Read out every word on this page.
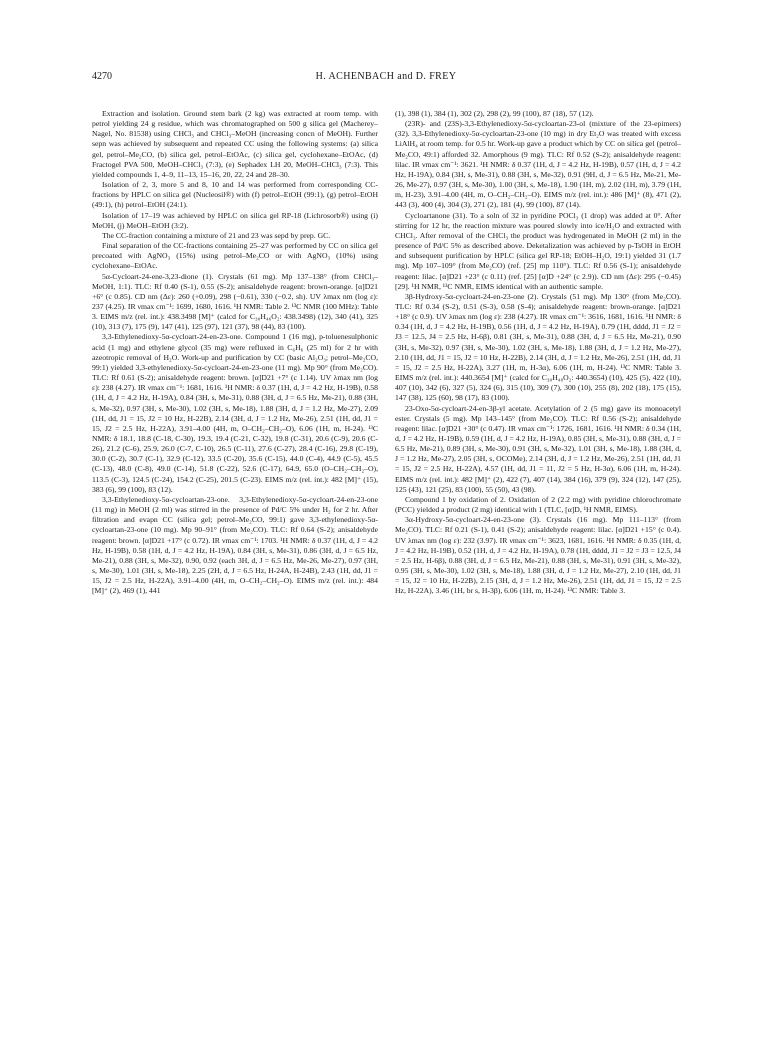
4270	H. ACHENBACH and D. FREY

Extraction and isolation. Ground stem bark (2 kg) was extracted at room temp. with petrol yielding 24 g residue, which was chromatographed on 500 g silica gel (Macherey–Nagel, No. 81538) using CHCl₃ and CHCl₃–MeOH (increasing concn of MeOH). Further sepn was achieved by subsequent and repeated CC using the following systems: (a) silica gel, petrol–Me₂CO, (b) silica gel, petrol–EtOAc, (c) silica gel, cyclohexane–EtOAc, (d) Fractogel PVA 500, MeOH–CHCl₃ (7:3), (e) Sephadex LH 20, MeOH–CHCl₃ (7:3). This yielded compounds 1, 4–9, 11–13, 15–16, 20, 22, 24 and 28–30.

Isolation of 2, 3, more 5 and 8, 10 and 14 was performed from corresponding CC-fractions by HPLC on silica gel (Nucleosil®) with (f) petrol–EtOH (99:1), (g) petrol–EtOH (49:1), (h) petrol–EtOH (24:1).

Isolation of 17–19 was achieved by HPLC on silica gel RP-18 (Lichrosorb®) using (i) MeOH, (j) MeOH–EtOH (3:2).

The CC-fraction containing a mixture of 21 and 23 was sepd by prep. GC.

Final separation of the CC-fractions containing 25–27 was performed by CC on silica gel precoated with AgNO₃ (15%) using petrol–Me₂CO or with AgNO₃ (10%) using cyclohexane–EtOAc.

5α-Cycloart-24-ene-3,23-dione (1). Crystals (61 mg). Mp 137–138° (from CHCl₃–MeOH, 1:1). TLC: Rf 0.40 (S-1), 0.55 (S-2); anisaldehyde reagent: brown-orange. [α]D21 +6° (c 0.85). CD nm (Δε): 260 (+0.09), 298 (−0.61), 330 (−0.2, sh). UV λmax nm (log ε): 237 (4.25). IR νmax cm⁻¹: 1699, 1680, 1616. ¹H NMR: Table 2. ¹³C NMR (100 MHz): Table 3. EIMS m/z (rel. int.): 438.3498 [M]⁺ (calcd for C₃₀H₄₆O₂: 438.3498) (12), 340 (41), 325 (10), 313 (7), 175 (9), 147 (41), 125 (97), 121 (37), 98 (44), 83 (100).

3,3-Ethylenedioxy-5α-cycloart-24-en-23-one. Compound 1 (16 mg), p-toluenesulphonic acid (1 mg) and ethylene glycol (35 mg) were refluxed in C₆H₆ (25 ml) for 2 hr with azeotropic removal of H₂O. Work-up and purification by CC (basic Al₂O₃; petrol–Me₂CO, 99:1) yielded 3,3-ethylenedioxy-5α-cycloart-24-en-23-one (11 mg). Mp 90° (from Me₂CO). TLC: Rf 0.61 (S-2); anisaldehyde reagent: brown. [α]D21 +7° (c 1.14). UV λmax nm (log ε): 238 (4.27). IR νmax cm⁻¹: 1681, 1616. ¹H NMR: δ 0.37 (1H, d, J = 4.2 Hz, H-19B), 0.58 (1H, d, J = 4.2 Hz, H-19A), 0.84 (3H, s, Me-31), 0.88 (3H, d, J = 6.5 Hz, Me-21), 0.88 (3H, s, Me-32), 0.97 (3H, s, Me-30), 1.02 (3H, s, Me-18), 1.88 (3H, d, J = 1.2 Hz, Me-27), 2.09 (1H, dd, J1 = 15, J2 = 10 Hz, H-22B), 2.14 (3H, d, J = 1.2 Hz, Me-26), 2.51 (1H, dd, J1 = 15, J2 = 2.5 Hz, H-22A), 3.91–4.00 (4H, m, O–CH₂–CH₂–O), 6.06 (1H, m, H-24). ¹³C NMR: δ 18.1, 18.8 (C-18, C-30), 19.3, 19.4 (C-21, C-32), 19.8 (C-31), 20.6 (C-9), 20.6 (C-26), 21.2 (C-6), 25.9, 26.0 (C-7, C-10), 26.5 (C-11), 27.6 (C-27), 28.4 (C-16), 29.8 (C-19), 30.0 (C-2), 30.7 (C-1), 32.9 (C-12), 33.5 (C-20), 35.6 (C-15), 44.0 (C-4), 44.9 (C-5), 45.5 (C-13), 48.0 (C-8), 49.0 (C-14), 51.8 (C-22), 52.6 (C-17), 64.9, 65.0 (O–CH₂–CH₂–O), 113.5 (C-3), 124.5 (C-24), 154.2 (C-25), 201.5 (C-23). EIMS m/z (rel. int.): 482 [M]⁺ (15), 383 (6), 99 (100), 83 (12).

3,3-Ethylenedioxy-5α-cycloartan-23-one. 3,3-Ethylenedioxy-5α-cycloart-24-en-23-one (11 mg) in MeOH (2 ml) was stirred in the presence of Pd/C 5% under H₂ for 2 hr. After filtration and evapn CC (silica gel; petrol–Me₂CO, 99:1) gave 3,3-ethylenedioxy-5α-cycloartan-23-one (10 mg). Mp 90–91° (from Me₂CO). TLC: Rf 0.64 (S-2); anisaldehyde reagent: brown. [α]D21 +17° (c 0.72). IR νmax cm⁻¹: 1703. ¹H NMR: δ 0.37 (1H, d, J = 4.2 Hz, H-19B), 0.58 (1H, d, J = 4.2 Hz, H-19A), 0.84 (3H, s, Me-31), 0.86 (3H, d, J = 6.5 Hz, Me-21), 0.88 (3H, s, Me-32), 0.90, 0.92 (each 3H, d, J = 6.5 Hz, Me-26, Me-27), 0.97 (3H, s, Me-30), 1.01 (3H, s, Me-18), 2.25 (2H, d, J = 6.5 Hz, H-24A, H-24B), 2.43 (1H, dd, J1 = 15, J2 = 2.5 Hz, H-22A), 3.91–4.00 (4H, m, O–CH₂–CH₂–O). EIMS m/z (rel. int.): 484 [M]⁺ (2), 469 (1), 441

(1), 398 (1), 384 (1), 302 (2), 298 (2), 99 (100), 87 (18), 57 (12).

(23R)- and (23S)-3,3-Ethylenedioxy-5α-cycloartan-23-ol (mixture of the 23-epimers) (32). 3,3-Ethylenedioxy-5α-cycloartan-23-one (10 mg) in dry Et₂O was treated with excess LiAlH₄ at room temp. for 0.5 hr. Work-up gave a product which by CC on silica gel (petrol–Me₂CO, 49:1) afforded 32. Amorphous (9 mg). TLC: Rf 0.52 (S-2); anisaldehyde reagent: lilac. IR νmax cm⁻¹: 3621. ¹H NMR: δ 0.37 (1H, d, J = 4.2 Hz, H-19B), 0.57 (1H, d, J = 4.2 Hz, H-19A), 0.84 (3H, s, Me-31), 0.88 (3H, s, Me-32), 0.91 (9H, d, J = 6.5 Hz, Me-21, Me-26, Me-27), 0.97 (3H, s, Me-30), 1.00 (3H, s, Me-18), 1.90 (1H, m), 2.02 (1H, m), 3.79 (1H, m, H-23), 3.91–4.00 (4H, m, O–CH₂–CH₂–O). EIMS m/z (rel. int.): 486 [M]⁺ (8), 471 (2), 443 (3), 400 (4), 304 (3), 271 (2), 181 (4), 99 (100), 87 (14).

Cycloartanone (31). To a soln of 32 in pyridine POCl₃ (1 drop) was added at 0°. After stirring for 12 hr, the reaction mixture was poured slowly into ice/H₂O and extracted with CHCl₃. After removal of the CHCl₃ the product was hydrogenated in MeOH (2 ml) in the presence of Pd/C 5% as described above. Deketalization was achieved by p-TsOH in EtOH and subsequent purification by HPLC (silica gel RP-18; EtOH–H₂O, 19:1) yielded 31 (1.7 mg). Mp 107–109° (from Me₂CO) (ref. [25] mp 110°). TLC: Rf 0.56 (S-1); anisaldehyde reagent: lilac. [α]D21 +23° (c 0.11) (ref. [25] [α]D +24° (c 2.9)). CD nm (Δε): 295 (−0.45) [29]. ¹H NMR, ¹³C NMR, EIMS identical with an authentic sample.

3β-Hydroxy-5α-cycloart-24-en-23-one (2). Crystals (51 mg). Mp 130° (from Me₂CO). TLC: Rf 0.34 (S-2), 0.51 (S-3), 0.58 (S-4); anisaldehyde reagent: brown-orange. [α]D21 +18° (c 0.9). UV λmax nm (log ε): 238 (4.27). IR νmax cm⁻¹: 3616, 1681, 1616. ¹H NMR: δ 0.34 (1H, d, J = 4.2 Hz, H-19B), 0.56 (1H, d, J = 4.2 Hz, H-19A), 0.79 (1H, dddd, J1 = J2 = J3 = 12.5, J4 = 2.5 Hz, H-6β), 0.81 (3H, s, Me-31), 0.88 (3H, d, J = 6.5 Hz, Me-21), 0.90 (3H, s, Me-32), 0.97 (3H, s, Me-30), 1.02 (3H, s, Me-18), 1.88 (3H, d, J = 1.2 Hz, Me-27), 2.10 (1H, dd, J1 = 15, J2 = 10 Hz, H-22B), 2.14 (3H, d, J = 1.2 Hz, Me-26), 2.51 (1H, dd, J1 = 15, J2 = 2.5 Hz, H-22A), 3.27 (1H, m, H-3α), 6.06 (1H, m, H-24). ¹³C NMR: Table 3. EIMS m/z (rel. int.): 440.3654 [M]⁺ (calcd for C₃₀H₄₈O₂: 440.3654) (10), 425 (5), 422 (10), 407 (10), 342 (6), 327 (5), 324 (6), 315 (10), 309 (7), 300 (10), 255 (8), 202 (18), 175 (15), 147 (38), 125 (60), 98 (17), 83 (100).

23-Oxo-5α-cycloart-24-en-3β-yl acetate. Acetylation of 2 (5 mg) gave its monoacetyl ester. Crystals (5 mg). Mp 143–145° (from Me₂CO). TLC: Rf 0.56 (S-2); anisaldehyde reagent: lilac. [α]D21 +30° (c 0.47). IR νmax cm⁻¹: 1726, 1681, 1616. ¹H NMR: δ 0.34 (1H, d, J = 4.2 Hz, H-19B), 0.59 (1H, d, J = 4.2 Hz, H-19A), 0.85 (3H, s, Me-31), 0.88 (3H, d, J = 6.5 Hz, Me-21), 0.89 (3H, s, Me-30), 0.91 (3H, s, Me-32), 1.01 (3H, s, Me-18), 1.88 (3H, d, J = 1.2 Hz, Me-27), 2.05 (3H, s, OCOMe), 2.14 (3H, d, J = 1.2 Hz, Me-26), 2.51 (1H, dd, J1 = 15, J2 = 2.5 Hz, H-22A), 4.57 (1H, dd, J1 = 11, J2 = 5 Hz, H-3α), 6.06 (1H, m, H-24). EIMS m/z (rel. int.): 482 [M]⁺ (2), 422 (7), 407 (14), 384 (16), 379 (9), 324 (12), 147 (25), 125 (43), 121 (25), 83 (100), 55 (50), 43 (98).

Compound 1 by oxidation of 2. Oxidation of 2 (2.2 mg) with pyridine chlorochromate (PCC) yielded a product (2 mg) identical with 1 (TLC, [α]D, ¹H NMR, EIMS).

3α-Hydroxy-5α-cycloart-24-en-23-one (3). Crystals (16 mg). Mp 111–113° (from Me₂CO). TLC: Rf 0.21 (S-1), 0.41 (S-2); anisaldehyde reagent: lilac. [α]D21 +15° (c 0.4). UV λmax nm (log ε): 232 (3.97). IR νmax cm⁻¹: 3623, 1681, 1616. ¹H NMR: δ 0.35 (1H, d, J = 4.2 Hz, H-19B), 0.52 (1H, d, J = 4.2 Hz, H-19A), 0.78 (1H, dddd, J1 = J2 = J3 = 12.5, J4 = 2.5 Hz, H-6β), 0.88 (3H, d, J = 6.5 Hz, Me-21), 0.88 (3H, s, Me-31), 0.91 (3H, s, Me-32), 0.95 (3H, s, Me-30), 1.02 (3H, s, Me-18), 1.88 (3H, d, J = 1.2 Hz, Me-27), 2.10 (1H, dd, J1 = 15, J2 = 10 Hz, H-22B), 2.15 (3H, d, J = 1.2 Hz, Me-26), 2.51 (1H, dd, J1 = 15, J2 = 2.5 Hz, H-22A), 3.46 (1H, br s, H-3β), 6.06 (1H, m, H-24). ¹³C NMR: Table 3.
